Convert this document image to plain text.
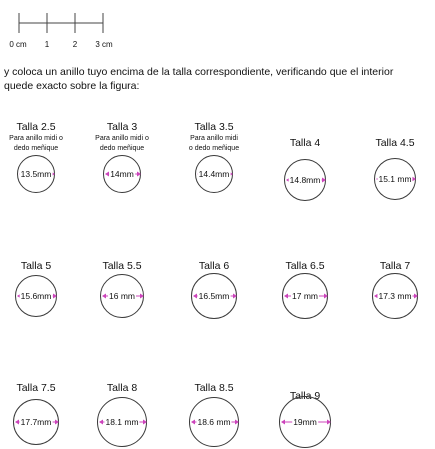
0 cm 1	2 3 cm
y coloca un anillo tuyo encima de la talla correspondiente, verificando que el interior
quede exacto sobre la figura:
Talla 2.5
Para anillo midi o
dedo meñique
13.5mm
Talla 3
Para anillo midi o
dedo meñique
14mm
Talla 3.5
Para anillo midi
o dedo meñique
14.4mm
Talla 4
14.8mm
Talla 4.5
15.1 mm
Talla 5
15.6mm
Talla 5.5
16 mm
Talla 6
16.5mm
Talla 6.5
17 mm
Talla 7
17.3 mm
Talla 7.5
17.7mm
Talla 8
18.1 mm
Talla 8.5
18.6 mm
Talla 9
19mm
